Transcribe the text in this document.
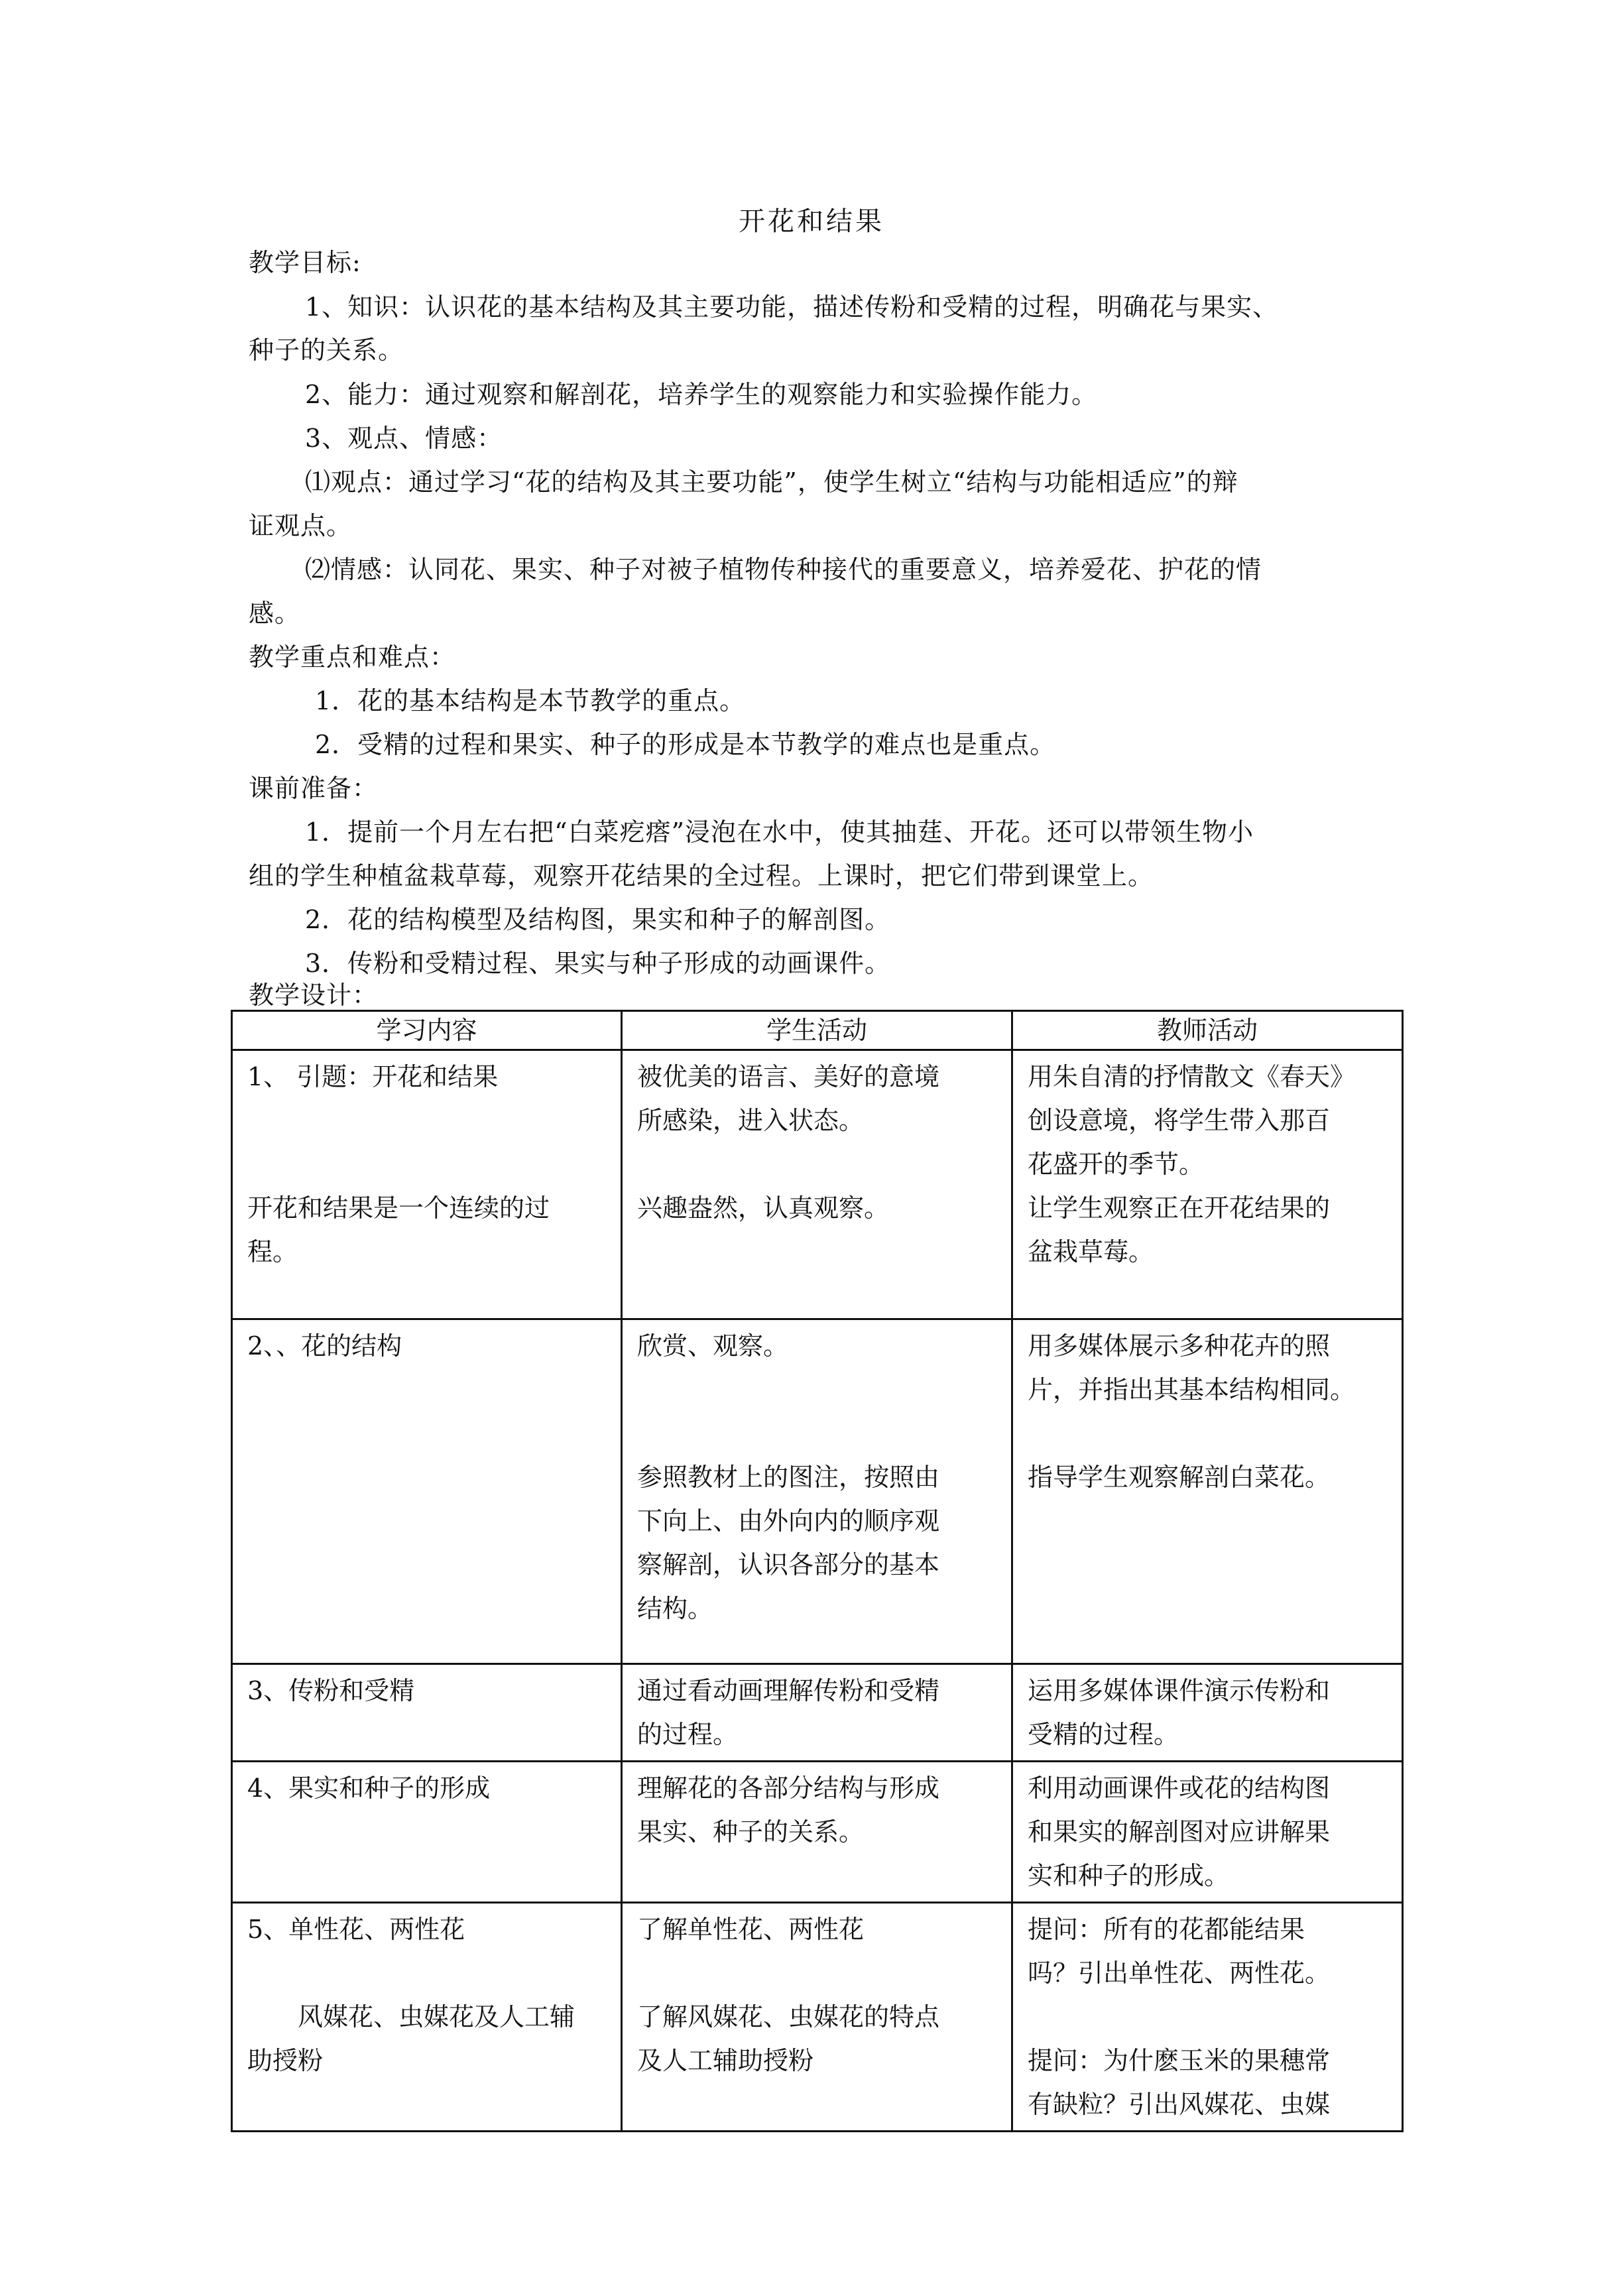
开花和结果
教学目标:
1、知识：认识花的基本结构及其主要功能，描述传粉和受精的过程，明确花与果实、
种子的关系。
2、能力：通过观察和解剖花，培养学生的观察能力和实验操作能力。
3、观点、情感：
⑴观点：通过学习“花的结构及其主要功能”，使学生树立“结构与功能相适应”的辩
证观点。
⑵情感：认同花、果实、种子对被子植物传种接代的重要意义，培养爱花、护花的情
感。
教学重点和难点：
1．花的基本结构是本节教学的重点。
2．受精的过程和果实、种子的形成是本节教学的难点也是重点。
课前准备：
1．提前一个月左右把“白菜疙瘩”浸泡在水中，使其抽莛、开花。还可以带领生物小
组的学生种植盆栽草莓，观察开花结果的全过程。上课时，把它们带到课堂上。
2．花的结构模型及结构图，果实和种子的解剖图。
3．传粉和受精过程、果实与种子形成的动画课件。
教学设计：
学习内容	学生活动	教师活动

1、 引题：开花和结果
开花和结果是一个连续的过
程。	被优美的语言、美好的意境
所感染，进入状态。
兴趣盎然，认真观察。	用朱自清的抒情散文《春天》
创设意境，将学生带入那百
花盛开的季节。
让学生观察正在开花结果的
盆栽草莓。

2、、花的结构	欣赏、观察。
参照教材上的图注，按照由
下向上、由外向内的顺序观
察解剖，认识各部分的基本
结构。	用多媒体展示多种花卉的照
片，并指出其基本结构相同。
指导学生观察解剖白菜花。

3、传粉和受精	通过看动画理解传粉和受精
的过程。	运用多媒体课件演示传粉和
受精的过程。

4、果实和种子的形成	理解花的各部分结构与形成
果实、种子的关系。	利用动画课件或花的结构图
和果实的解剖图对应讲解果
实和种子的形成。

5、单性花、两性花
风媒花、虫媒花及人工辅
助授粉	了解单性花、两性花
了解风媒花、虫媒花的特点
及人工辅助授粉	提问：所有的花都能结果
吗？引出单性花、两性花。
提问：为什麽玉米的果穗常
有缺粒？引出风媒花、虫媒
